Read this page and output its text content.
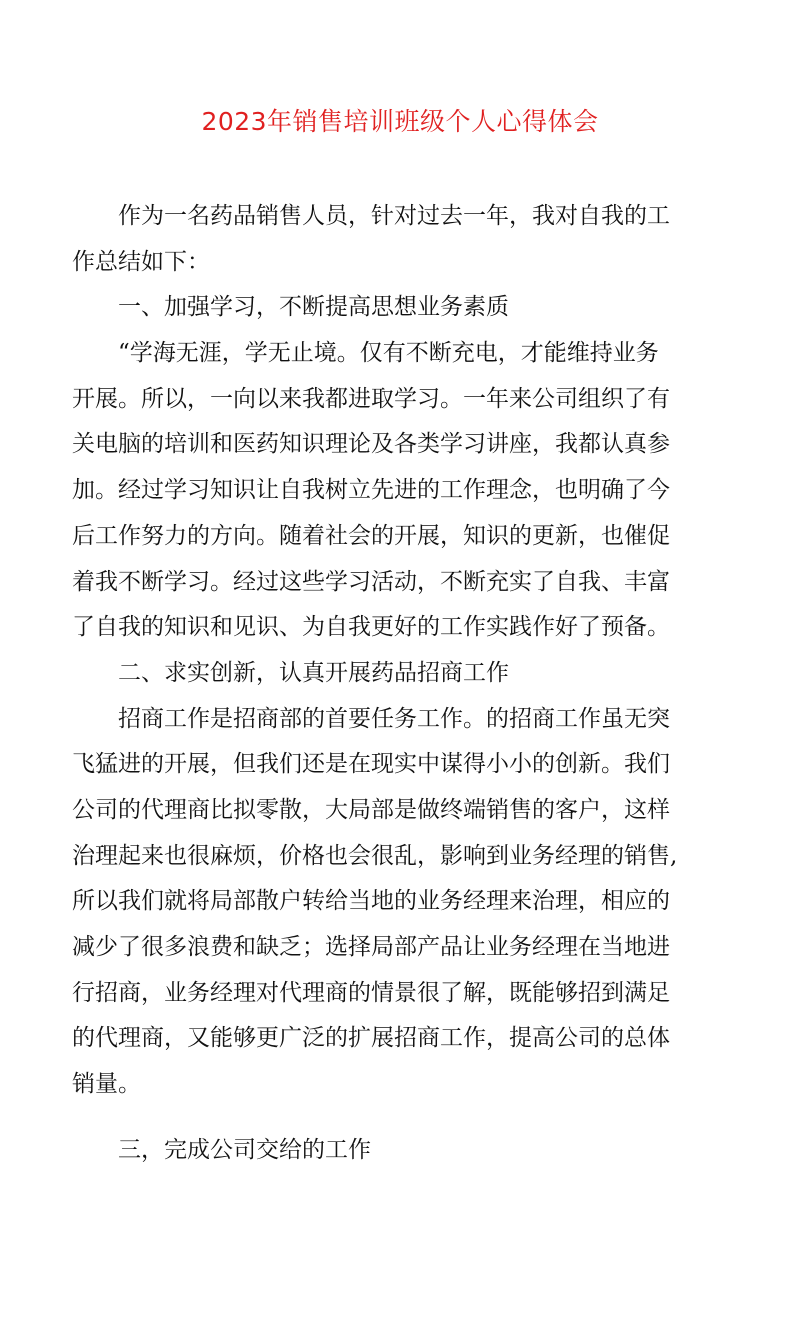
2023年销售培训班级个人心得体会
作为一名药品销售人员，针对过去一年，我对自我的工
作总结如下：
一、加强学习，不断提高思想业务素质
“学海无涯，学无止境。仅有不断充电，才能维持业务
开展。所以，一向以来我都进取学习。一年来公司组织了有
关电脑的培训和医药知识理论及各类学习讲座，我都认真参
加。经过学习知识让自我树立先进的工作理念，也明确了今
后工作努力的方向。随着社会的开展，知识的更新，也催促
着我不断学习。经过这些学习活动，不断充实了自我、丰富
了自我的知识和见识、为自我更好的工作实践作好了预备。
二、求实创新，认真开展药品招商工作
招商工作是招商部的首要任务工作。的招商工作虽无突
飞猛进的开展，但我们还是在现实中谋得小小的创新。我们
公司的代理商比拟零散，大局部是做终端销售的客户，这样
治理起来也很麻烦，价格也会很乱，影响到业务经理的销售,
所以我们就将局部散户转给当地的业务经理来治理，相应的
减少了很多浪费和缺乏；选择局部产品让业务经理在当地进
行招商，业务经理对代理商的情景很了解，既能够招到满足
的代理商，又能够更广泛的扩展招商工作，提高公司的总体
销量。
三，完成公司交给的工作
